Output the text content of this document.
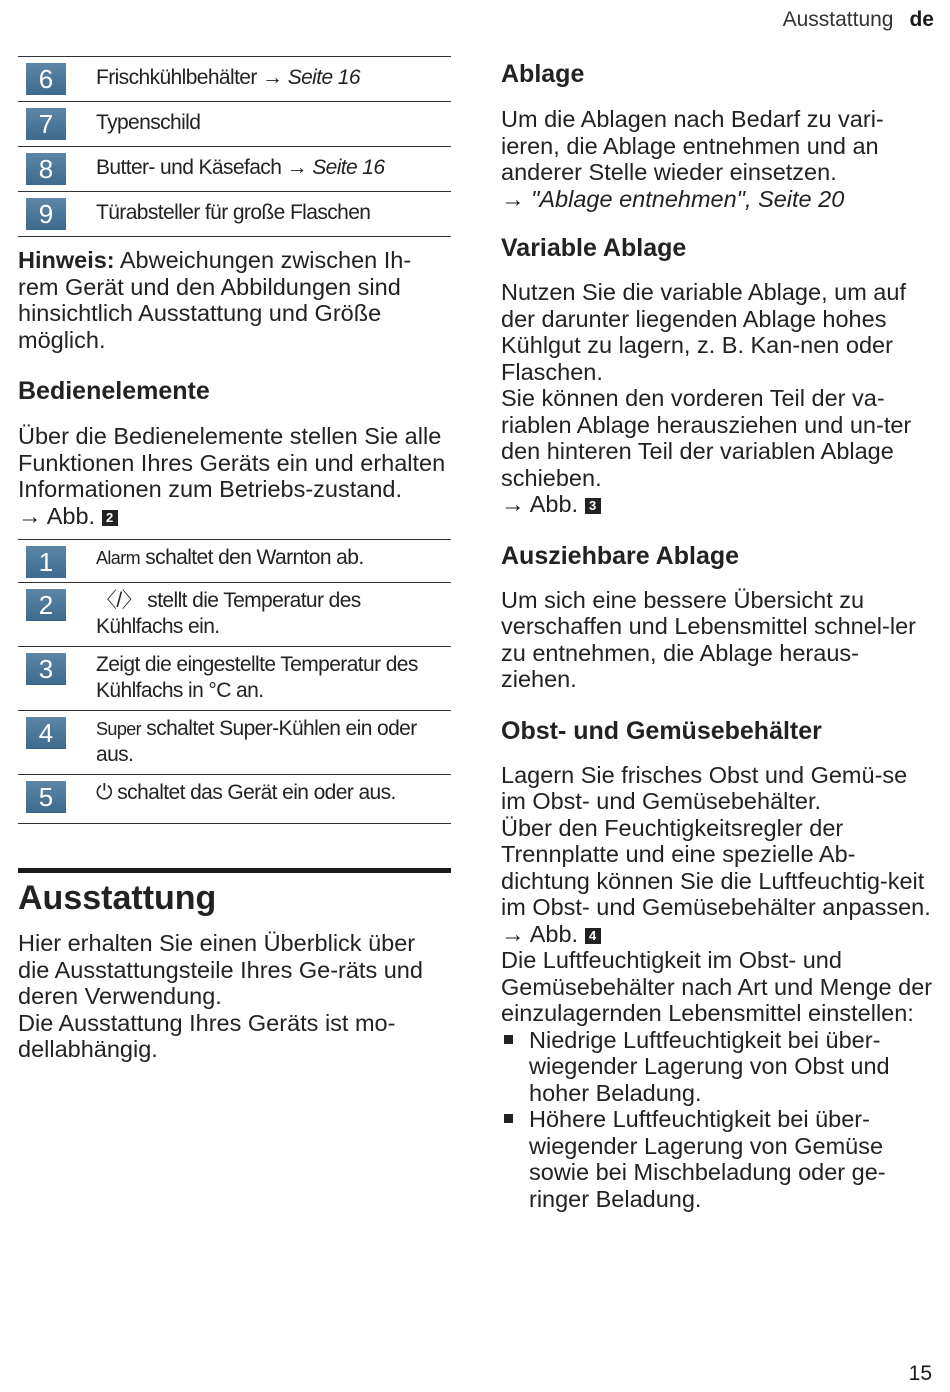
Ausstattung de
6	Frischkühlbehälter → Seite 16
7	Typenschild
8	Butter- und Käsefach → Seite 16
9	Türabsteller für große Flaschen

Hinweis: Abweichungen zwischen Ih-rem Gerät und den Abbildungen sind hinsichtlich Ausstattung und Größe möglich.

Bedienelemente

Über die Bedienelemente stellen Sie alle Funktionen Ihres Geräts ein und erhalten Informationen zum Betriebs-zustand.

→ Abb. 2

1	Alarm schaltet den Warnton ab.
2	〈/〉 stellt die Temperatur des Kühlfachs ein.
3	Zeigt die eingestellte Temperatur des Kühlfachs in °C an.
4	Super schaltet Super-Kühlen ein oder aus.
5	⏻ schaltet das Gerät ein oder aus.
Ausstattung

Hier erhalten Sie einen Überblick über die Ausstattungsteile Ihres Ge-räts und deren Verwendung.

Die Ausstattung Ihres Geräts ist mo-dellabhängig.

Ablage

Um die Ablagen nach Bedarf zu vari-ieren, die Ablage entnehmen und an anderer Stelle wieder einsetzen.

→ "Ablage entnehmen", Seite 20

Variable Ablage

Nutzen Sie die variable Ablage, um auf der darunter liegenden Ablage hohes Kühlgut zu lagern, z. B. Kan-nen oder Flaschen.

Sie können den vorderen Teil der va-riablen Ablage herausziehen und un-ter den hinteren Teil der variablen Ablage schieben.

→ Abb. 3

Ausziehbare Ablage

Um sich eine bessere Übersicht zu verschaffen und Lebensmittel schnel-ler zu entnehmen, die Ablage heraus-ziehen.

Obst- und Gemüsebehälter

Lagern Sie frisches Obst und Gemü-se im Obst- und Gemüsebehälter.

Über den Feuchtigkeitsregler der Trennplatte und eine spezielle Ab-dichtung können Sie die Luftfeuchtig-keit im Obst- und Gemüsebehälter anpassen.

→ Abb. 4

Die Luftfeuchtigkeit im Obst- und Gemüsebehälter nach Art und Menge der einzulagernden Lebensmittel einstellen:

Niedrige Luftfeuchtigkeit bei über-wiegender Lagerung von Obst und hoher Beladung.
Höhere Luftfeuchtigkeit bei über-wiegender Lagerung von Gemüse sowie bei Mischbeladung oder ge-ringer Beladung.
15
